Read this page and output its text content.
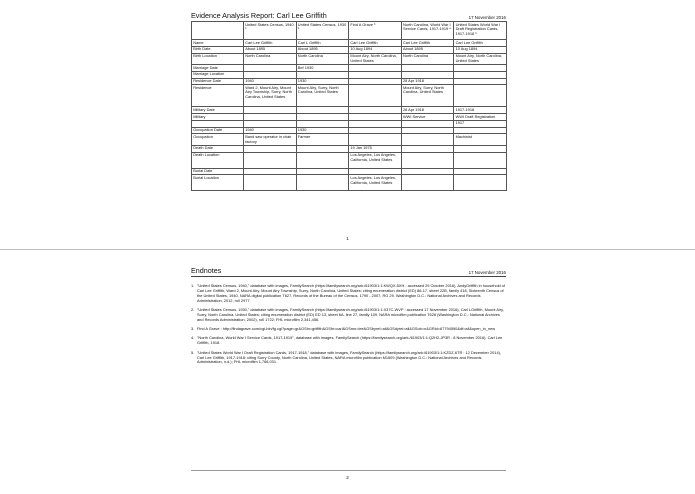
Evidence Analysis Report: Carl Lee Griffith	17 November 2016
	United States Census, 1940 ¹	United States Census, 1930 ²	Find A Grave ³	North Carolina, World War I Service Cards, 1917-1919 ⁴	United States World War I Draft Registration Cards, 1917-1918 ⁵
Name	Carl Lee Griffith	Carl L Griffith	Carl Lee Griffith	Carl Lee Griffith	Carl Lee Griffith
Birth Date	About 1895	About 1895	10 Aug 1894	About 1895	10 Aug 1894
Birth Location	North Carolina	North Carolina	Mount Airy, North Carolina, United States	North Carolina	Mount Airy, North Carolina, United States
Marriage Date		Bef 1930			
Marriage Location					
Residence Date	1940	1930		28 Apr 1918	
Residence	Ward 2, Mount Airy, Mount Airy Township, Surry, North Carolina, United States	Mount Airy, Surry, North Carolina, United States		Mount Airy, Surry, North Carolina, United States	
Military Date				28 Apr 1918	1917-1918
Military				WWI Service	WWI Draft Registration
					1917
Occupation Date	1940	1930			
Occupation	Band saw operator in chair factory	Farmer			Machinist
Death Date			19 Jan 1975		
Death Location			Los Angeles, Los Angeles, California, United States		
Burial Date					
Burial Location			Los Angeles, Los Angeles, California, United States		
1
Endnotes	17 November 2016
1. "United States Census, 1940," database with images, FamilySearch (https://familysearch.org/ark:/61903/1:1:KWQX-5XH : accessed 29 October 2016), AndyGriffith in household of Carl Lee Griffith, Ward 2, Mount Airy, Mount Airy Township, Surry, North Carolina, United States; citing enumeration district (ED) 86-17, sheet 22B, family 418, Sixteenth Census of the United States, 1940, NARA digital publication T627. Records of the Bureau of the Census, 1790 - 2007, RG 29. Washington D.C.: National Archives and Records Administration, 2012, roll 2977.
2. "United States Census, 1930," database with images, FamilySearch (https://familysearch.org/ark:/61903/1:1:X37C-WVP : accessed 17 November 2016), Carl LGriffith, Mount Airy, Surry, North Carolina, United States; citing enumeration district (ED) ED 13, sheet 6A, line 27, family 109, NARA microfilm publication T626 (Washington D.C.: National Archives and Records Administration, 2002), roll 1722; FHL microfilm 2,341,456.
3. Find A Grave : http://findagrave.com/cgi-bin/fg.cgi?page=gr&GSln=griffith&GSfn=carl&GSmn=lee&GSbyrel=all&GSdyrel=all&GSob=n&GRid=67794590&df=all&open_in_new
4. "North Carolina, World War I Service Cards, 1917-1919", database with images, FamilySearch (https://familysearch.org/ark:/61903/1:1:Q2H2-JP3R : 8 November 2016), Carl Lee Griffith, 1918.
5. "United States World War I Draft Registration Cards, 1917-1918," database with images, FamilySearch (https://familysearch.org/ark:/61903/1:1:KZDZ-6TR : 12 December 2014), Carl Lee Griffith, 1917-1918; citing Surry County, North Carolina, United States, NARA microfilm publication M1509 (Washington D.C.: National Archives and Records Administration, n.d.); FHL microfilm 1,766,031.
2
